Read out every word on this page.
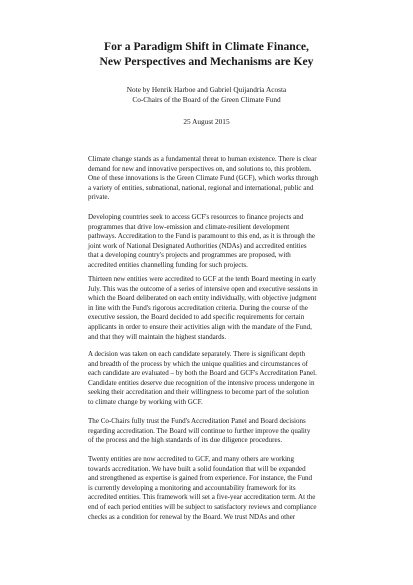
For a Paradigm Shift in Climate Finance,
New Perspectives and Mechanisms are Key
Note by Henrik Harboe and Gabriel Quijandría Acosta
Co-Chairs of the Board of the Green Climate Fund
25 August 2015

Climate change stands as a fundamental threat to human existence. There is clear
demand for new and innovative perspectives on, and solutions to, this problem.
One of these innovations is the Green Climate Fund (GCF), which works through
a variety of entities, subnational, national, regional and international, public and
private.

Developing countries seek to access GCF's resources to finance projects and
programmes that drive low-emission and climate-resilient development
pathways. Accreditation to the Fund is paramount to this end, as it is through the
joint work of National Designated Authorities (NDAs) and accredited entities
that a developing country's projects and programmes are proposed, with
accredited entities channelling funding for such projects.

Thirteen new entities were accredited to GCF at the tenth Board meeting in early
July. This was the outcome of a series of intensive open and executive sessions in
which the Board deliberated on each entity individually, with objective judgment
in line with the Fund's rigorous accreditation criteria. During the course of the
executive session, the Board decided to add specific requirements for certain
applicants in order to ensure their activities align with the mandate of the Fund,
and that they will maintain the highest standards.

A decision was taken on each candidate separately. There is significant depth
and breadth of the process by which the unique qualities and circumstances of
each candidate are evaluated – by both the Board and GCF's Accreditation Panel.
Candidate entities deserve due recognition of the intensive process undergone in
seeking their accreditation and their willingness to become part of the solution
to climate change by working with GCF.

The Co-Chairs fully trust the Fund's Accreditation Panel and Board decisions
regarding accreditation. The Board will continue to further improve the quality
of the process and the high standards of its due diligence procedures.

Twenty entities are now accredited to GCF, and many others are working
towards accreditation. We have built a solid foundation that will be expanded
and strengthened as expertise is gained from experience. For instance, the Fund
is currently developing a monitoring and accountability framework for its
accredited entities. This framework will set a five-year accreditation term. At the
end of each period entities will be subject to satisfactory reviews and compliance
checks as a condition for renewal by the Board. We trust NDAs and other
